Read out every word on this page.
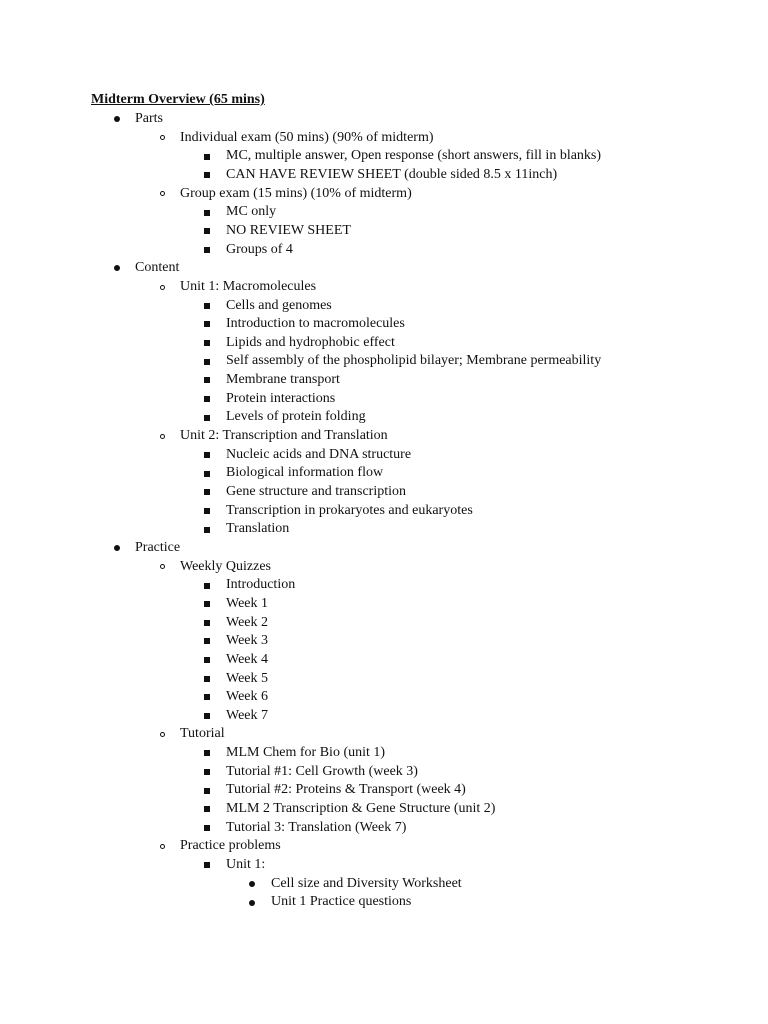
Midterm Overview (65 mins)
Parts
Individual exam (50 mins) (90% of midterm)
MC, multiple answer, Open response (short answers, fill in blanks)
CAN HAVE REVIEW SHEET (double sided 8.5 x 11inch)
Group exam (15 mins) (10% of midterm)
MC only
NO REVIEW SHEET
Groups of 4
Content
Unit 1: Macromolecules
Cells and genomes
Introduction to macromolecules
Lipids and hydrophobic effect
Self assembly of the phospholipid bilayer; Membrane permeability
Membrane transport
Protein interactions
Levels of protein folding
Unit 2: Transcription and Translation
Nucleic acids and DNA structure
Biological information flow
Gene structure and transcription
Transcription in prokaryotes and eukaryotes
Translation
Practice
Weekly Quizzes
Introduction
Week 1
Week 2
Week 3
Week 4
Week 5
Week 6
Week 7
Tutorial
MLM Chem for Bio (unit 1)
Tutorial #1: Cell Growth (week 3)
Tutorial #2: Proteins & Transport (week 4)
MLM 2 Transcription & Gene Structure (unit 2)
Tutorial 3: Translation (Week 7)
Practice problems
Unit 1:
Cell size and Diversity Worksheet
Unit 1 Practice questions
